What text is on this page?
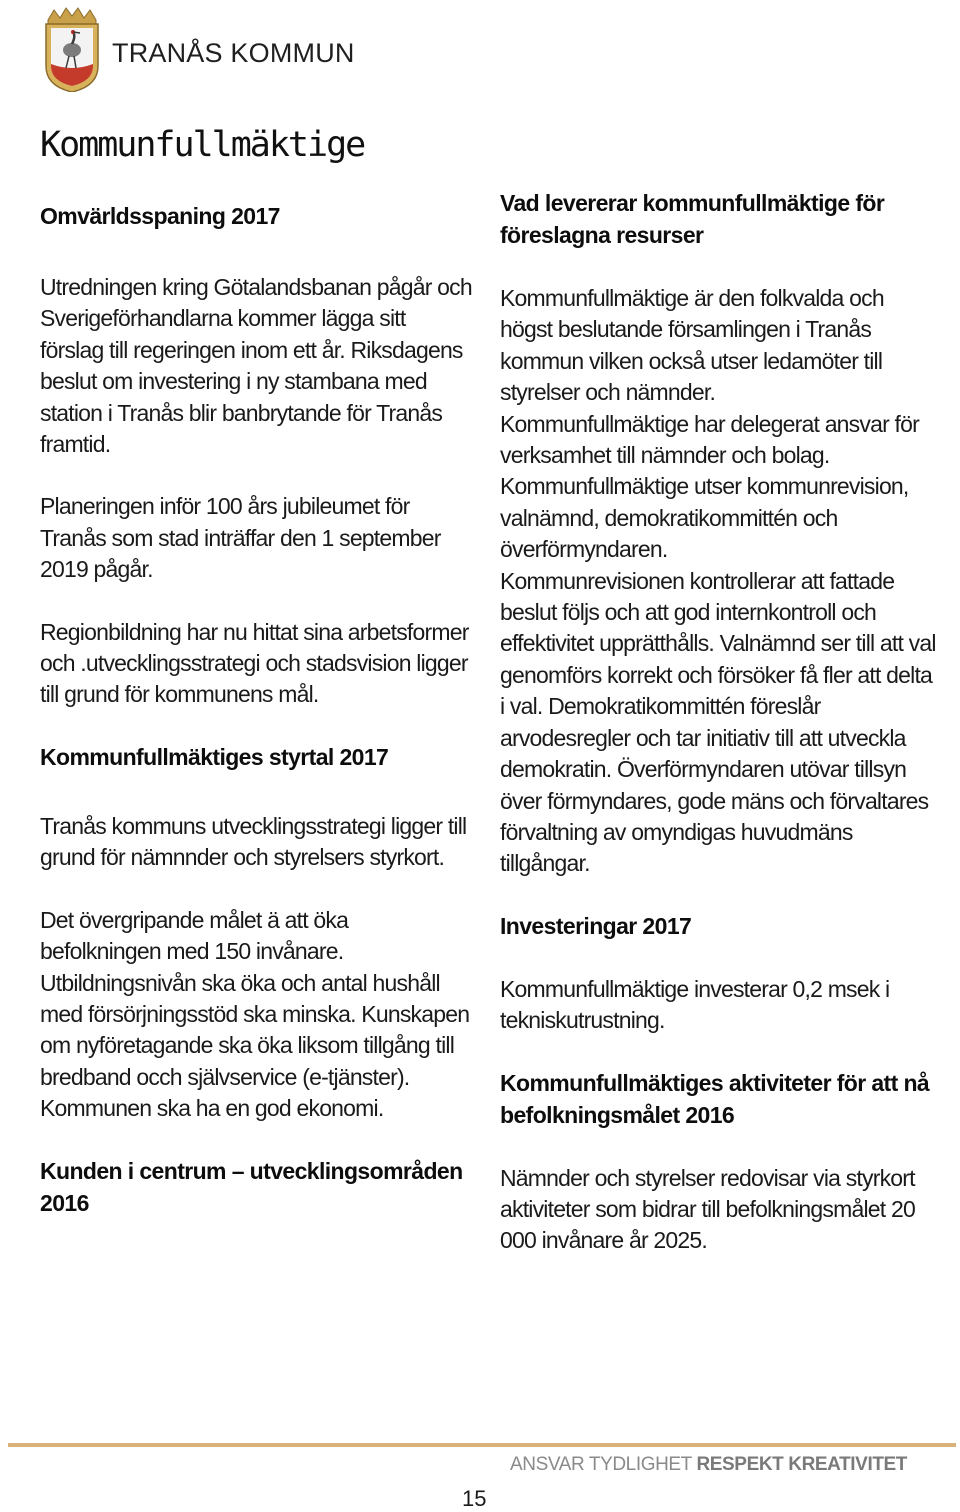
TRANÅS KOMMUN
Kommunfullmäktige

Omvärldsspaning 2017

Utredningen kring Götalandsbanan pågår och Sverigeförhandlarna kommer lägga sitt förslag till regeringen inom ett år. Riksdagens beslut om investering i ny stambana med station i Tranås blir banbrytande för Tranås framtid.

Planeringen inför 100 års jubileumet för Tranås som stad inträffar den 1 september 2019 pågår.

Regionbildning har nu hittat sina arbetsformer och .utvecklingsstrategi och stadsvision ligger till grund för kommunens mål.

Kommunfullmäktiges styrtal 2017

Tranås kommuns utvecklingsstrategi ligger till grund för nämnnder och styrelsers styrkort.

Det övergripande målet ä att öka befolkningen med 150 invånare. Utbildningsnivån ska öka och antal hushåll med försörjningsstöd ska minska. Kunskapen om nyföretagande ska öka liksom tillgång till bredband occh självservice (e-tjänster). Kommunen ska ha en god ekonomi.

Kunden i centrum – utvecklingsområden 2016

Vad levererar kommunfullmäktige för föreslagna resurser

Kommunfullmäktige är den folkvalda och högst beslutande församlingen i Tranås kommun vilken också utser ledamöter till styrelser och nämnder.

Kommunfullmäktige har delegerat ansvar för verksamhet till nämnder och bolag.

Kommunfullmäktige utser kommunrevision, valnämnd, demokratikommittén och överförmyndaren.

Kommunrevisionen kontrollerar att fattade beslut följs och att god internkontroll och effektivitet upprätthålls. Valnämnd ser till att val genomförs korrekt och försöker få fler att delta i val. Demokratikommittén föreslår arvodesregler och tar initiativ till att utveckla demokratin. Överförmyndaren utövar tillsyn över förmyndares, gode mäns och förvaltares förvaltning av omyndigas huvudmäns tillgångar.

Investeringar 2017

Kommunfullmäktige investerar 0,2 msek i tekniskutrustning.

Kommunfullmäktiges aktiviteter för att nå befolkningsmålet 2016

Nämnder och styrelser redovisar via styrkort aktiviteter som bidrar till befolkningsmålet 20 000 invånare år 2025.

ANSVAR TYDLIGHET RESPEKT KREATIVITET
15
